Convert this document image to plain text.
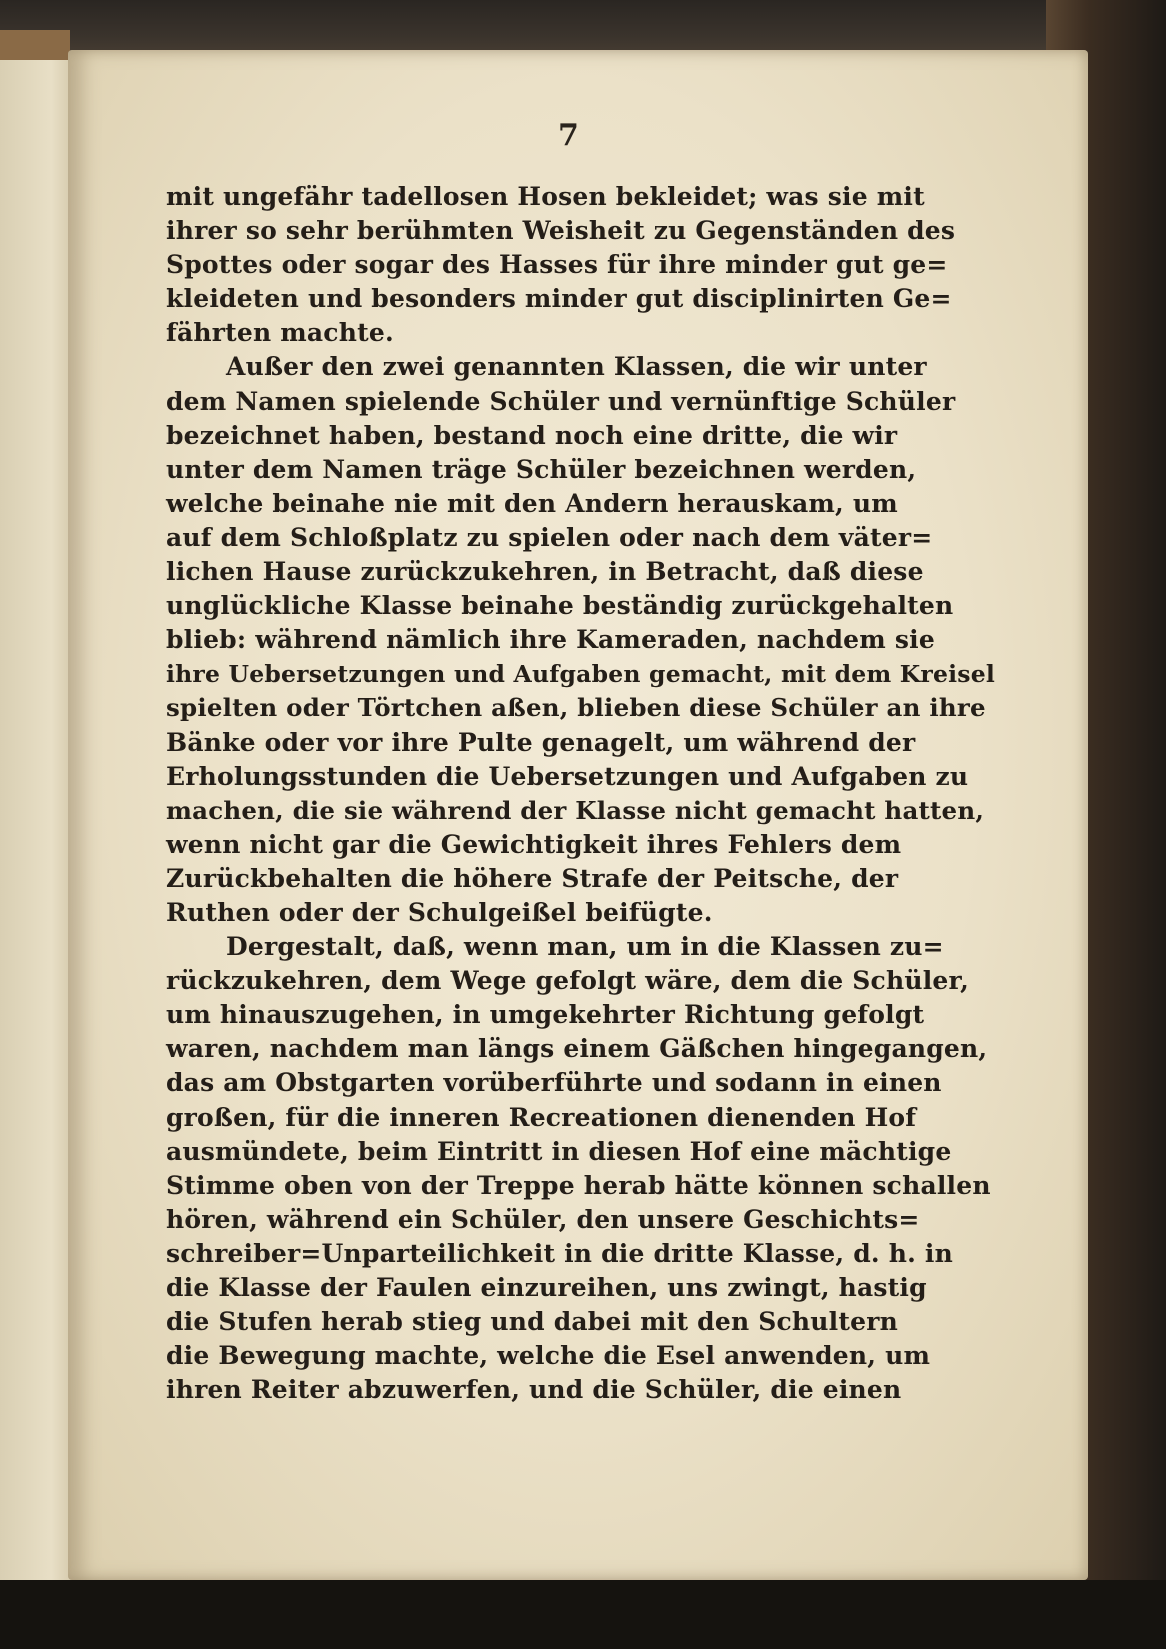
7
mit ungefähr tadellosen Hosen bekleidet; was sie mit
ihrer so sehr berühmten Weisheit zu Gegenständen des
Spottes oder sogar des Hasses für ihre minder gut ge=
kleideten und besonders minder gut disciplinirten Ge=
fährten machte.
Außer den zwei genannten Klassen, die wir unter
dem Namen spielende Schüler und vernünftige Schüler
bezeichnet haben, bestand noch eine dritte, die wir
unter dem Namen träge Schüler bezeichnen werden,
welche beinahe nie mit den Andern herauskam, um
auf dem Schloßplatz zu spielen oder nach dem väter=
lichen Hause zurückzukehren, in Betracht, daß diese
unglückliche Klasse beinahe beständig zurückgehalten
blieb: während nämlich ihre Kameraden, nachdem sie
ihre Uebersetzungen und Aufgaben gemacht, mit dem Kreisel
spielten oder Törtchen aßen, blieben diese Schüler an ihre
Bänke oder vor ihre Pulte genagelt, um während der
Erholungsstunden die Uebersetzungen und Aufgaben zu
machen, die sie während der Klasse nicht gemacht hatten,
wenn nicht gar die Gewichtigkeit ihres Fehlers dem
Zurückbehalten die höhere Strafe der Peitsche, der
Ruthen oder der Schulgeißel beifügte.
Dergestalt, daß, wenn man, um in die Klassen zu=
rückzukehren, dem Wege gefolgt wäre, dem die Schüler,
um hinauszugehen, in umgekehrter Richtung gefolgt
waren, nachdem man längs einem Gäßchen hingegangen,
das am Obstgarten vorüberführte und sodann in einen
großen, für die inneren Recreationen dienenden Hof
ausmündete, beim Eintritt in diesen Hof eine mächtige
Stimme oben von der Treppe herab hätte können schallen
hören, während ein Schüler, den unsere Geschichts=
schreiber=Unparteilichkeit in die dritte Klasse, d. h. in
die Klasse der Faulen einzureihen, uns zwingt, hastig
die Stufen herab stieg und dabei mit den Schultern
die Bewegung machte, welche die Esel anwenden, um
ihren Reiter abzuwerfen, und die Schüler, die einen
